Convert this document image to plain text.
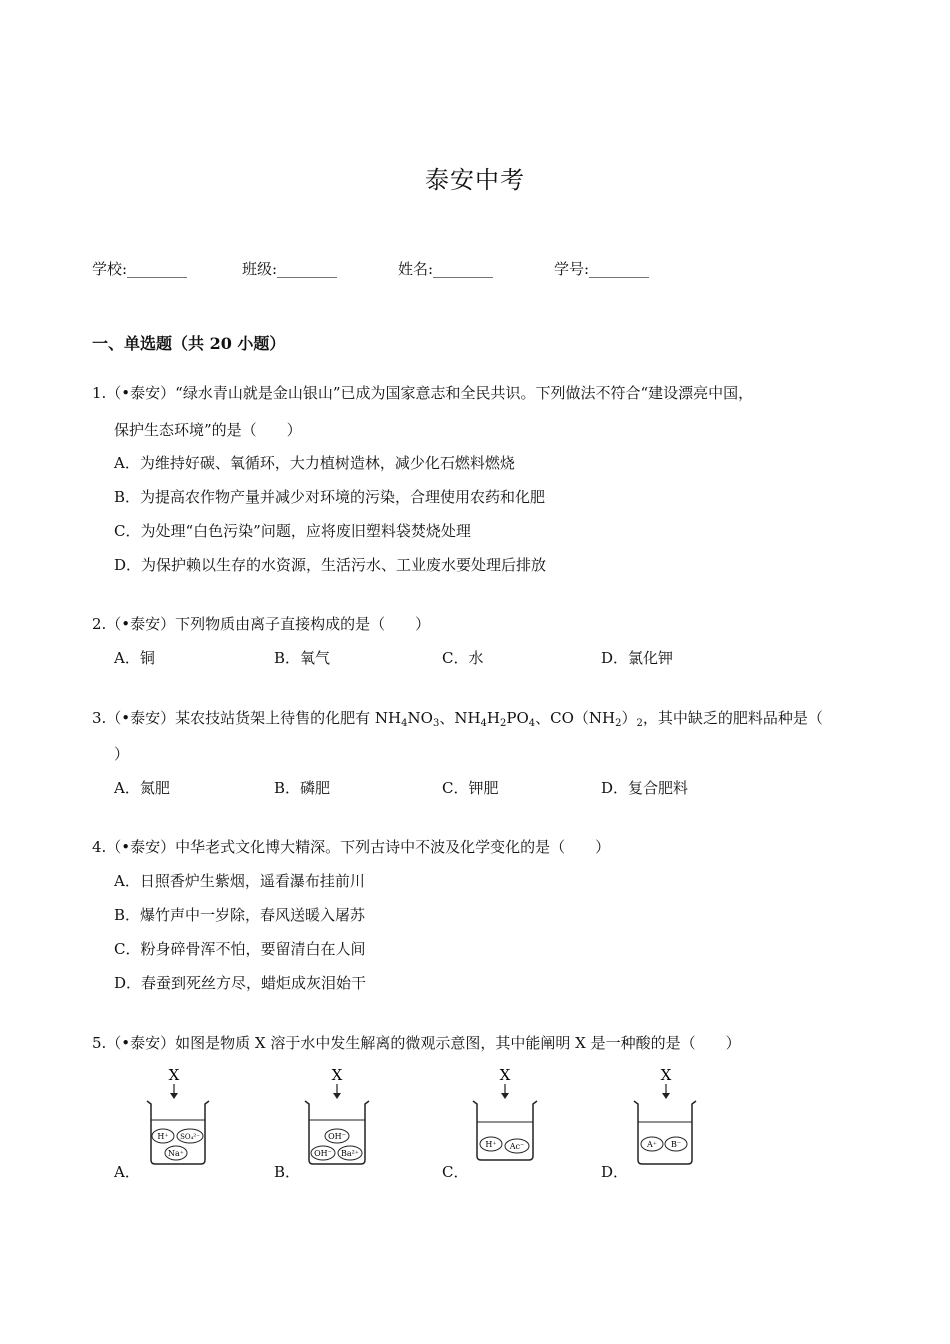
泰安中考
学校:________	班级:________	姓名:________	学号:________
一、单选题（共 20 小题）
1.（•泰安）“绿水青山就是金山银山”已成为国家意志和全民共识。下列做法不符合“建设漂亮中国，
保护生态环境”的是（　　）
A．为维持好碳、氧循环，大力植树造林，减少化石燃料燃烧
B．为提高农作物产量并减少对环境的污染，合理使用农药和化肥
C．为处理“白色污染”问题，应将废旧塑料袋焚烧处理
D．为保护赖以生存的水资源，生活污水、工业废水要处理后排放
2.（•泰安）下列物质由离子直接构成的是（　　）
A．铜	B．氧气	C．水	D．氯化钾
3.（•泰安）某农技站货架上待售的化肥有 $NH_4NO_3$、$NH_4H_2PO_4$、$CO(NH_2)_2$，其中缺乏的肥料品种是（
）
A．氮肥	B．磷肥	C．钾肥	D．复合肥料
4.（•泰安）中华老式文化博大精深。下列古诗中不波及化学变化的是（　　）
A．日照香炉生紫烟，遥看瀑布挂前川
B．爆竹声中一岁除，春风送暖入屠苏
C．粉身碎骨浑不怕，要留清白在人间
D．春蚕到死丝方尽，蜡炬成灰泪始干
5.（•泰安）如图是物质 X 溶于水中发生解离的微观示意图，其中能阐明 X 是一种酸的是（　　）
A．	B．	C．	D．
X
H⁺ SO₄²⁻
Na⁺
X
OH⁻
OH⁻ Ba²⁺
X
H⁺ Ac⁻
X
A⁺ B⁻
